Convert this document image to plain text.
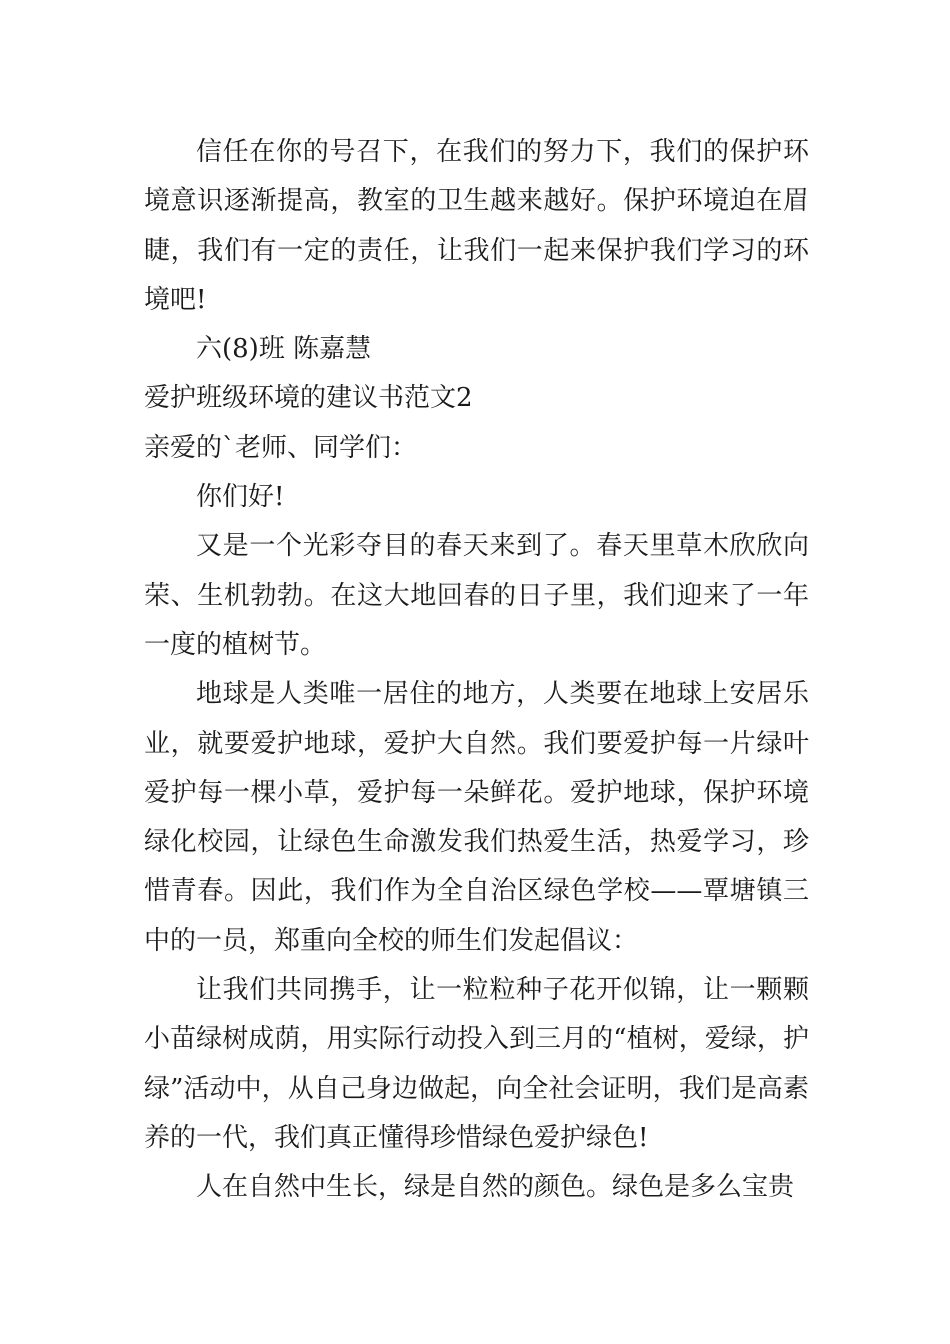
信任在你的号召下，在我们的努力下，我们的保护环境意识逐渐提高，教室的卫生越来越好。保护环境迫在眉睫，我们有一定的责任，让我们一起来保护我们学习的环境吧!

六(8)班 陈嘉慧

爱护班级环境的建议书范文2

亲爱的`老师、同学们：

你们好!

又是一个光彩夺目的春天来到了。春天里草木欣欣向荣、生机勃勃。在这大地回春的日子里，我们迎来了一年一度的植树节。

地球是人类唯一居住的地方，人类要在地球上安居乐业，就要爱护地球，爱护大自然。我们要爱护每一片绿叶爱护每一棵小草，爱护每一朵鲜花。爱护地球，保护环境绿化校园，让绿色生命激发我们热爱生活，热爱学习，珍惜青春。因此，我们作为全自治区绿色学校——覃塘镇三中的一员，郑重向全校的师生们发起倡议：

让我们共同携手，让一粒粒种子花开似锦，让一颗颗小苗绿树成荫，用实际行动投入到三月的“植树，爱绿，护绿”活动中，从自己身边做起，向全社会证明，我们是高素养的一代，我们真正懂得珍惜绿色爱护绿色!

人在自然中生长，绿是自然的颜色。绿色是多么宝贵
